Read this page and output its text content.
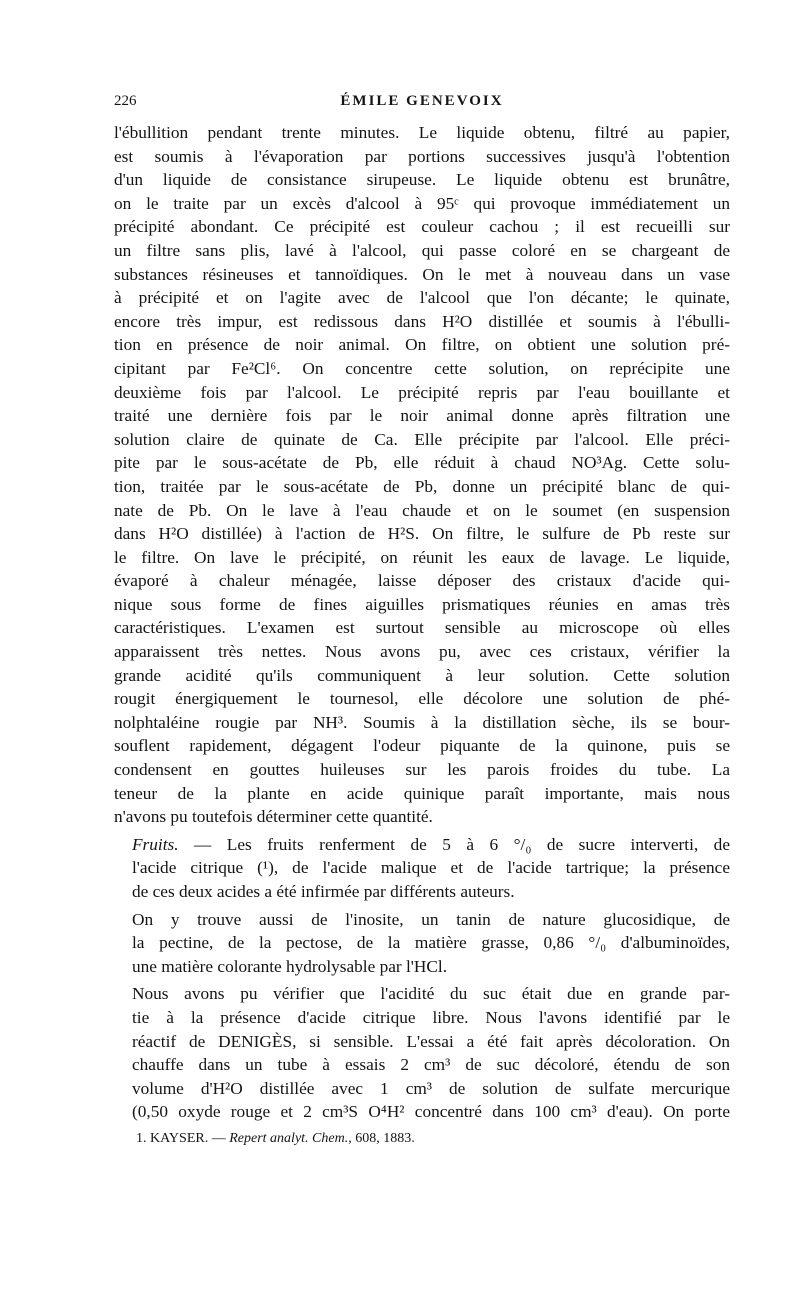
226	ÉMILE GENEVOIX

l'ébullition pendant trente minutes. Le liquide obtenu, filtré au papier,
est soumis à l'évaporation par portions successives jusqu'à l'obtention
d'un liquide de consistance sirupeuse. Le liquide obtenu est brunâtre,
on le traite par un excès d'alcool à 95ᶜ qui provoque immédiatement un
précipité abondant. Ce précipité est couleur cachou ; il est recueilli sur
un filtre sans plis, lavé à l'alcool, qui passe coloré en se chargeant de
substances résineuses et tannoïdiques. On le met à nouveau dans un vase
à précipité et on l'agite avec de l'alcool que l'on décante; le quinate,
encore très impur, est redissous dans H²O distillée et soumis à l'ébulli-
tion en présence de noir animal. On filtre, on obtient une solution pré-
cipitant par Fe²Cl⁶. On concentre cette solution, on reprécipite une
deuxième fois par l'alcool. Le précipité repris par l'eau bouillante et
traité une dernière fois par le noir animal donne après filtration une
solution claire de quinate de Ca. Elle précipite par l'alcool. Elle préci-
pite par le sous-acétate de Pb, elle réduit à chaud NO³Ag. Cette solu-
tion, traitée par le sous-acétate de Pb, donne un précipité blanc de qui-
nate de Pb. On le lave à l'eau chaude et on le soumet (en suspension
dans H²O distillée) à l'action de H²S. On filtre, le sulfure de Pb reste sur
le filtre. On lave le précipité, on réunit les eaux de lavage. Le liquide,
évaporé à chaleur ménagée, laisse déposer des cristaux d'acide qui-
nique sous forme de fines aiguilles prismatiques réunies en amas très
caractéristiques. L'examen est surtout sensible au microscope où elles
apparaissent très nettes. Nous avons pu, avec ces cristaux, vérifier la
grande acidité qu'ils communiquent à leur solution. Cette solution
rougit énergiquement le tournesol, elle décolore une solution de phé-
nolphtaléine rougie par NH³. Soumis à la distillation sèche, ils se bour-
souflent rapidement, dégagent l'odeur piquante de la quinone, puis se
condensent en gouttes huileuses sur les parois froides du tube. La
teneur de la plante en acide quinique paraît importante, mais nous
n'avons pu toutefois déterminer cette quantité.

Fruits. — Les fruits renferment de 5 à 6 °/₀ de sucre interverti, de
l'acide citrique (¹), de l'acide malique et de l'acide tartrique; la présence
de ces deux acides a été infirmée par différents auteurs.

On y trouve aussi de l'inosite, un tanin de nature glucosidique, de
la pectine, de la pectose, de la matière grasse, 0,86 °/₀ d'albuminoïdes,
une matière colorante hydrolysable par l'HCl.

Nous avons pu vérifier que l'acidité du suc était due en grande par-
tie à la présence d'acide citrique libre. Nous l'avons identifié par le
réactif de DENIGÈS, si sensible. L'essai a été fait après décoloration. On
chauffe dans un tube à essais 2 cm³ de suc décoloré, étendu de son
volume d'H²O distillée avec 1 cm³ de solution de sulfate mercurique
(0,50 oxyde rouge et 2 cm³S O⁴H² concentré dans 100 cm³ d'eau). On porte

1. KAYSER. — Repert analyt. Chem., 608, 1883.
